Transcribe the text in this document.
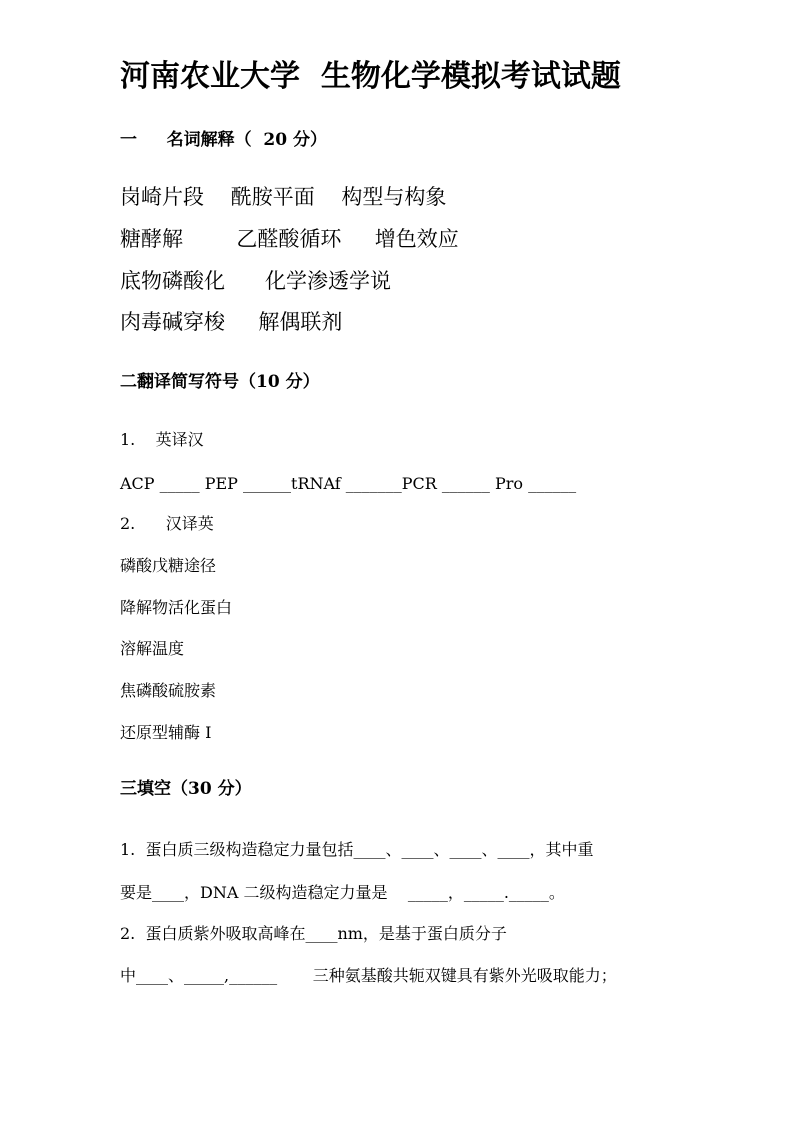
河南农业大学  生物化学模拟考试试题
一     名词解释（  20 分）
岗崎片段    酰胺平面    构型与构象
糖酵解        乙醛酸循环     增色效应
底物磷酸化      化学渗透学说
肉毒碱穿梭     解偶联剂
二翻译简写符号（10 分）
1.    英译汉
ACP _____ PEP ______tRNAf _______PCR ______ Pro ______
2.      汉译英
磷酸戊糖途径
降解物活化蛋白
溶解温度
焦磷酸硫胺素
还原型辅酶 I
三填空（30 分）
1.  蛋白质三级构造稳定力量包括____、____、____、____，其中重
要是____，DNA 二级构造稳定力量是    _____，_____._____。
2.  蛋白质紫外吸取高峰在____nm，是基于蛋白质分子
中____、_____,______       三种氨基酸共轭双键具有紫外光吸取能力；
